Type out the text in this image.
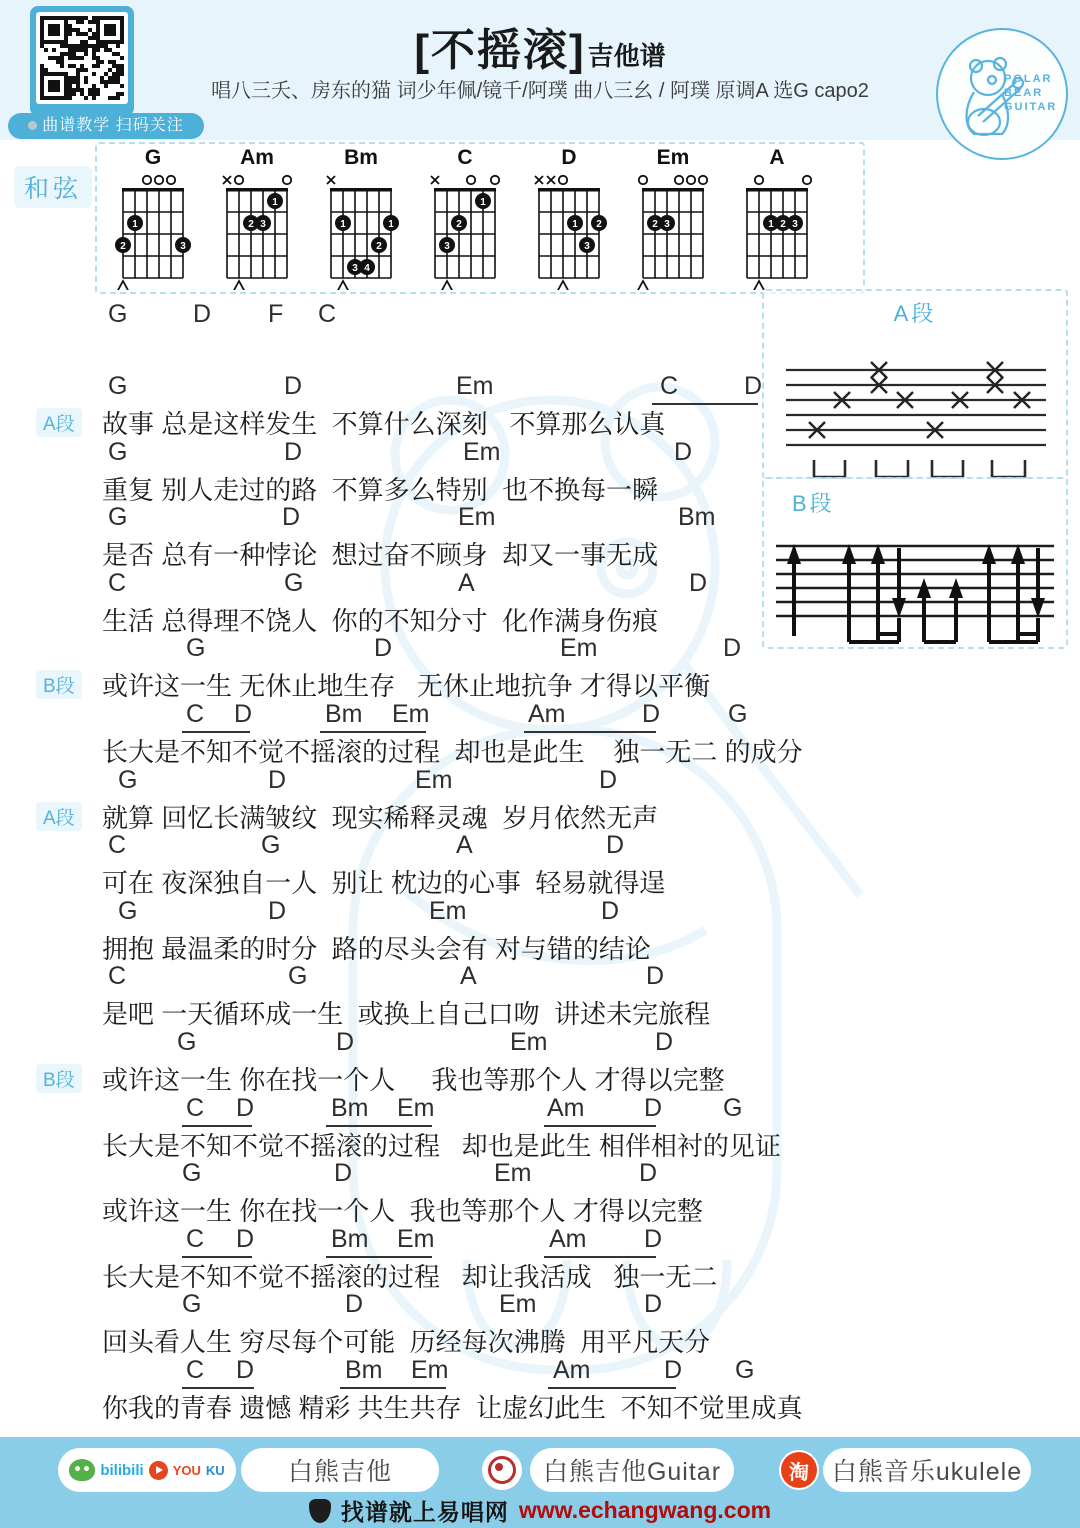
曲谱教学 扫码关注
[不摇滚]吉他谱
唱八三夭、房东的猫 词少年佩/镜千/阿璞 曲八三幺 / 阿璞 原调A 选G capo2
POLAR
BEAR
GUITAR
和弦
G
1
2	3
Am
1
2 3
Bm
1	1
2
3 4
C
1
2
3
D
1 2
3
Em
2 3
A
1 2 3
G	D F C
A段
G	D	Em	C	D
故事 总是这样发生  不算什么深刻   不算那么认真
G	D	Em	D
重复 别人走过的路  不算多么特别  也不换每一瞬
G	D	Em	Bm
是否 总有一种悖论  想过奋不顾身  却又一事无成
C	G	A	D
生活 总得理不饶人  你的不知分寸  化作满身伤痕
B段
G	D	Em	D
或许这一生 无休止地生存   无休止地抗争 才得以平衡
C D	Bm Em	Am	D	G
长大是不知不觉不摇滚的过程  却也是此生    独一无二 的成分
A段
G	D	Em	D
就算 回忆长满皱纹  现实稀释灵魂  岁月依然无声
C	G	A	D
可在 夜深独自一人  别让 枕边的心事  轻易就得逞
G	D	Em	D
拥抱 最温柔的时分  路的尽头会有 对与错的结论
C	G	A	D
是吧 一天循环成一生  或换上自己口吻  讲述未完旅程
B段
G	D	Em	D
或许这一生 你在找一个人     我也等那个人 才得以完整
C D	Bm Em	Am D G
长大是不知不觉不摇滚的过程   却也是此生 相伴相衬的见证
G	D	Em	D
或许这一生 你在找一个人  我也等那个人 才得以完整
C D	Bm Em	Am D
长大是不知不觉不摇滚的过程   却让我活成   独一无二
G	D	Em	D
回头看人生 穷尽每个可能  历经每次沸腾  用平凡天分
C D	Bm Em	Am	D G
你我的青春 遗憾 精彩 共生共存  让虚幻此生  不知不觉里成真
A段
B段
bilibili YOU KU	白熊吉他	白熊吉他Guitar	淘 白熊音乐ukulele
找谱就上易唱网 www.echangwang.com
